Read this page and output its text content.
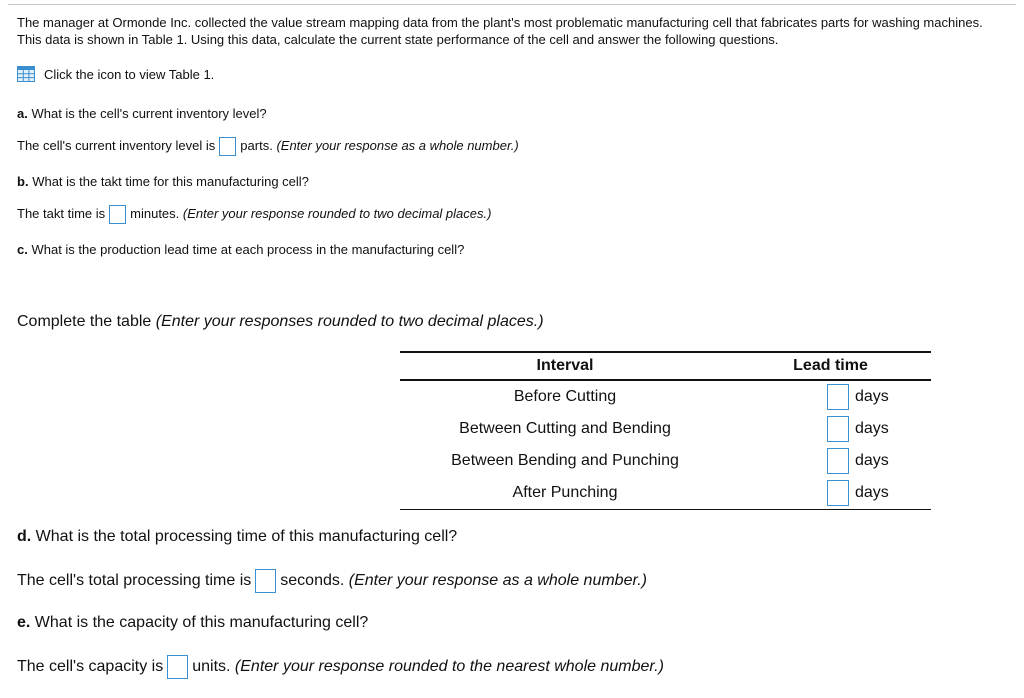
The manager at Ormonde Inc. collected the value stream mapping data from the plant's most problematic manufacturing cell that fabricates parts for washing machines. This data is shown in Table 1. Using this data, calculate the current state performance of the cell and answer the following questions.
Click the icon to view Table 1.
a. What is the cell's current inventory level?
The cell's current inventory level is parts. (Enter your response as a whole number.)
b. What is the takt time for this manufacturing cell?
The takt time is minutes. (Enter your response rounded to two decimal places.)
c. What is the production lead time at each process in the manufacturing cell?
Complete the table (Enter your responses rounded to two decimal places.)
Interval	Lead time
Before Cutting	days

Between Cutting and Bending	days

Between Bending and Punching	days

After Punching	days
d. What is the total processing time of this manufacturing cell?
The cell's total processing time is seconds. (Enter your response as a whole number.)
e. What is the capacity of this manufacturing cell?
The cell's capacity is units. (Enter your response rounded to the nearest whole number.)
